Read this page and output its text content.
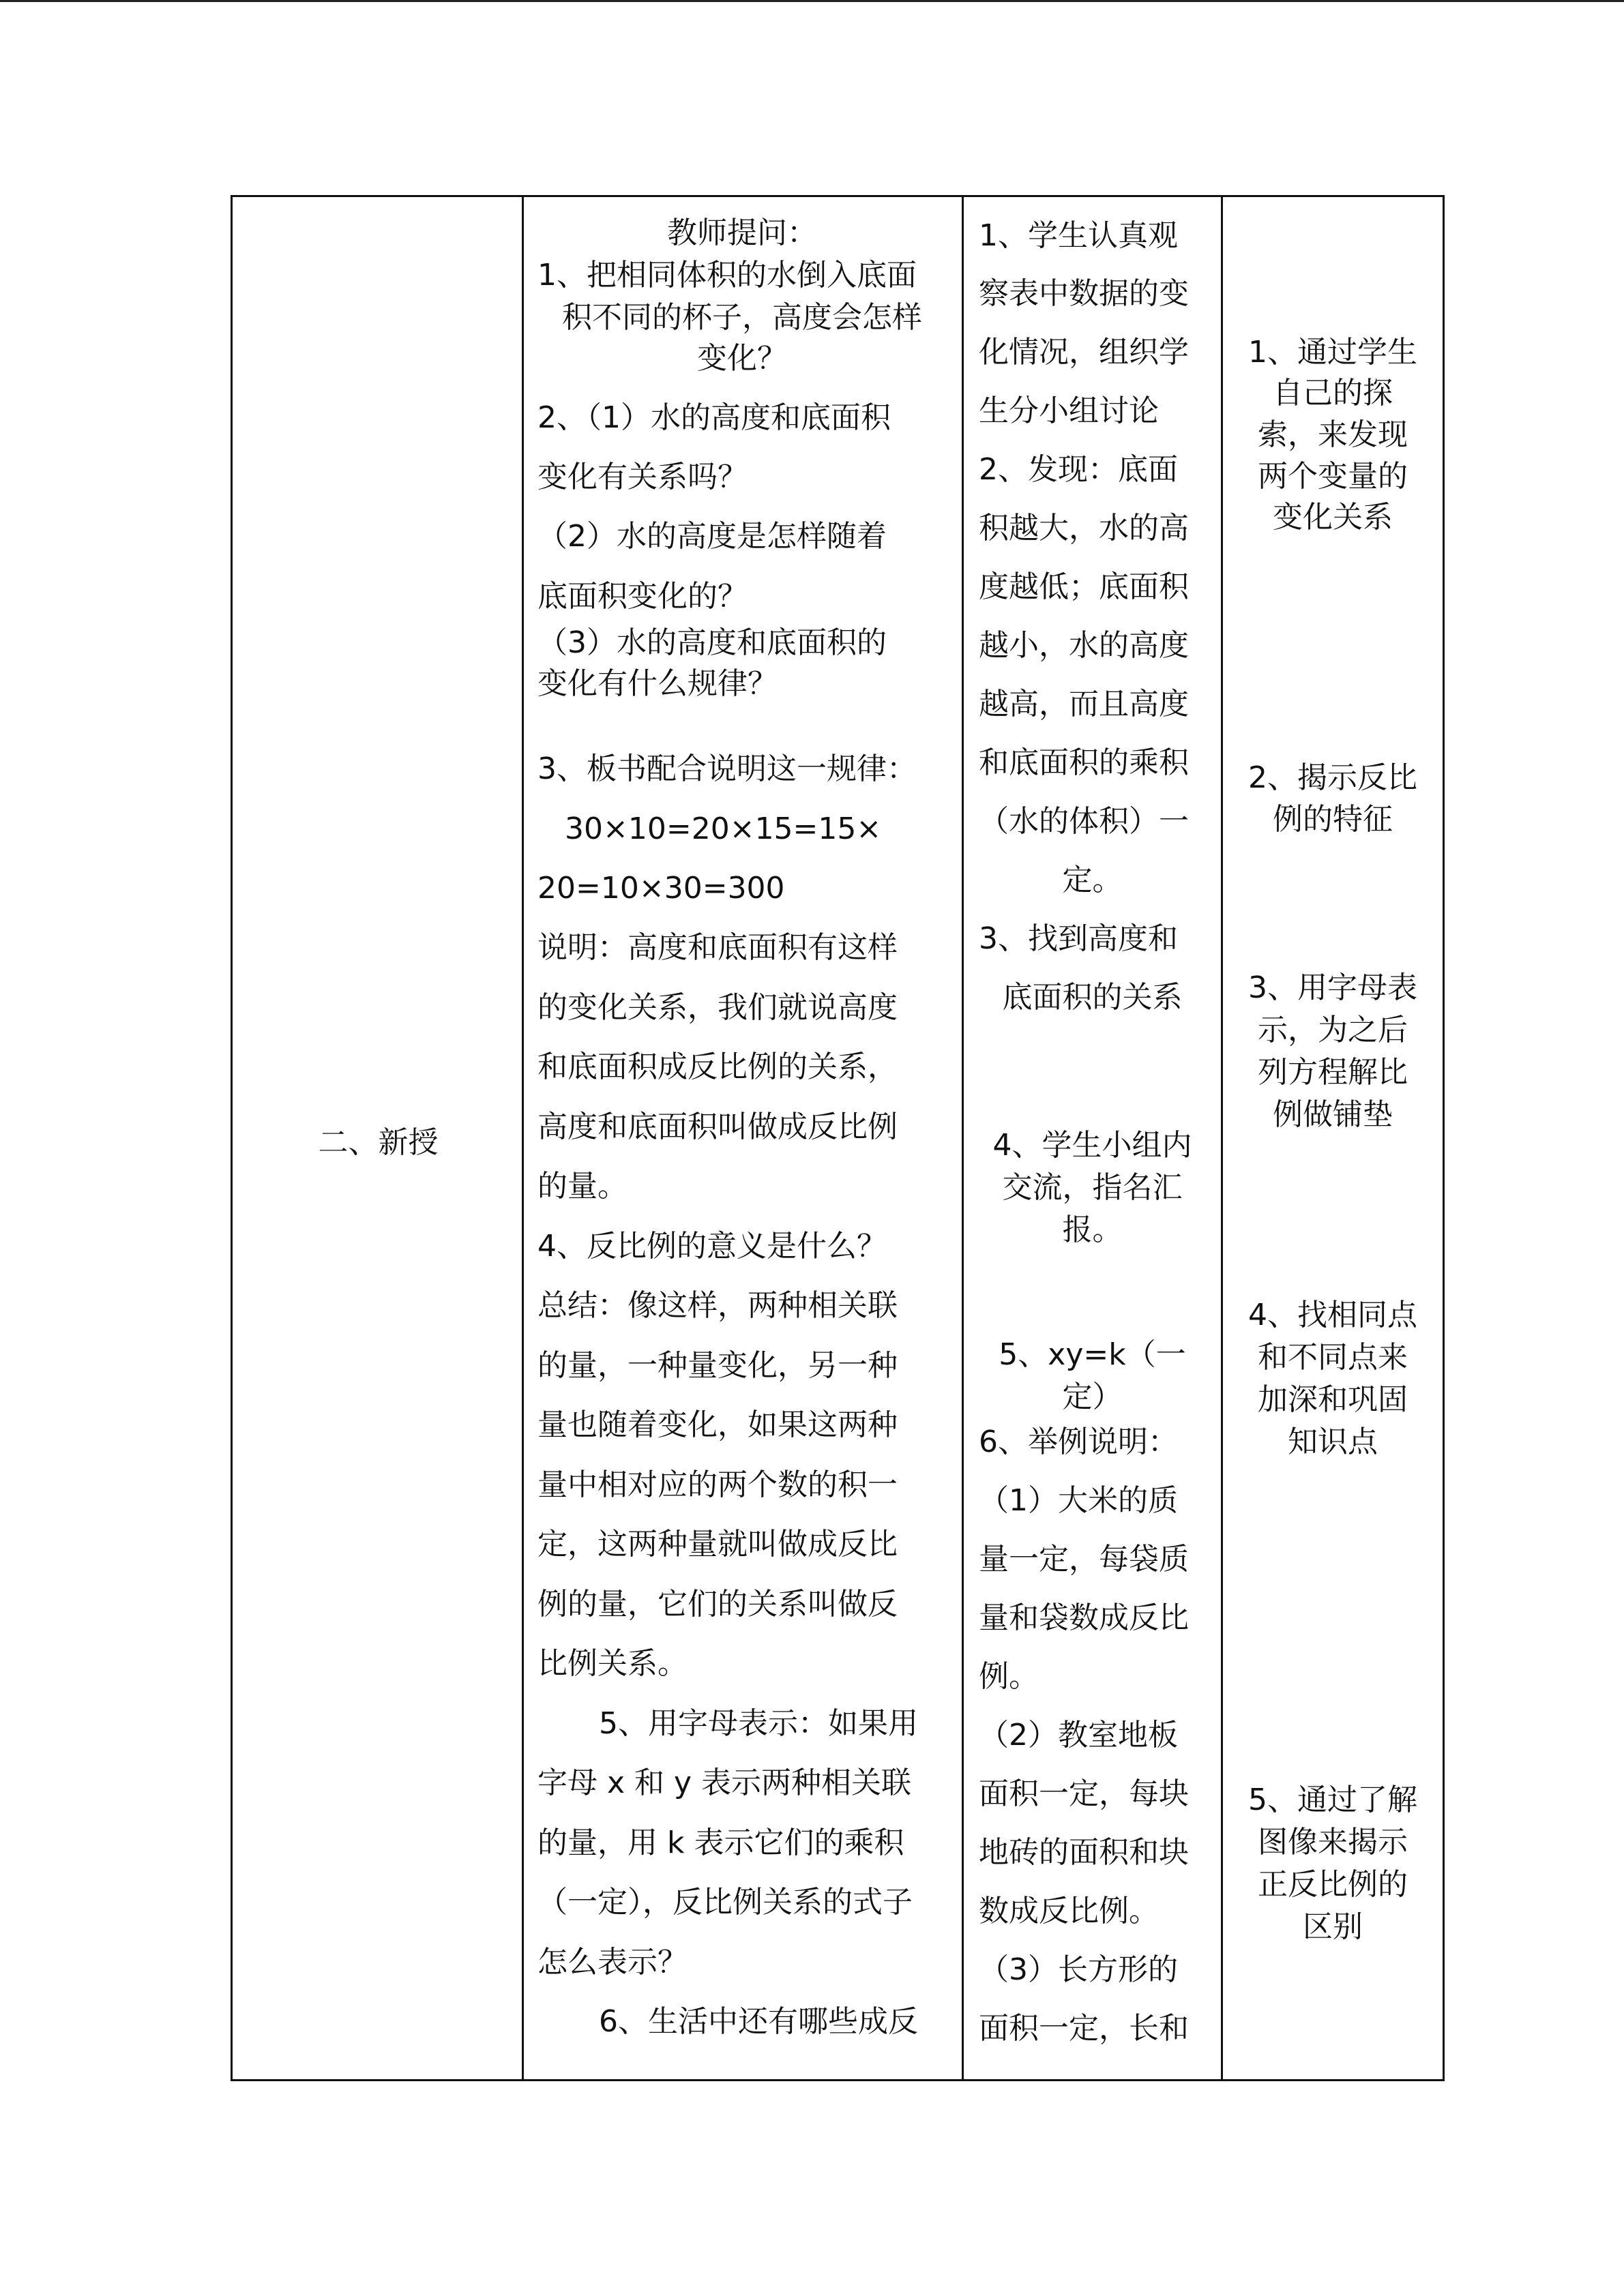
二、新授
教师提问：
1、把相同体积的水倒入底面
积不同的杯子，高度会怎样
变化？
2、（1）水的高度和底面积
变化有关系吗？
（2）水的高度是怎样随着
底面积变化的？
（3）水的高度和底面积的
变化有什么规律？
3、板书配合说明这一规律：
30×10=20×15=15×
20=10×30=300
说明：高度和底面积有这样
的变化关系，我们就说高度
和底面积成反比例的关系，
高度和底面积叫做成反比例
的量。
4、反比例的意义是什么？
总结：像这样，两种相关联
的量，一种量变化，另一种
量也随着变化，如果这两种
量中相对应的两个数的积一
定，这两种量就叫做成反比
例的量，它们的关系叫做反
比例关系。
5、用字母表示：如果用
字母 x 和 y 表示两种相关联
的量，用 k 表示它们的乘积
（一定），反比例关系的式子
怎么表示？
6、生活中还有哪些成反
1、学生认真观
察表中数据的变
化情况，组织学
生分小组讨论
2、发现：底面
积越大，水的高
度越低；底面积
越小，水的高度
越高，而且高度
和底面积的乘积
（水的体积）一
定。
3、找到高度和
底面积的关系
4、学生小组内
交流，指名汇
报。
5、xy=k（一
定）
6、举例说明：
（1）大米的质
量一定，每袋质
量和袋数成反比
例。
（2）教室地板
面积一定，每块
地砖的面积和块
数成反比例。
（3）长方形的
面积一定，长和
1、通过学生
自己的探
索，来发现
两个变量的
变化关系
2、揭示反比
例的特征
3、用字母表
示，为之后
列方程解比
例做铺垫
4、找相同点
和不同点来
加深和巩固
知识点
5、通过了解
图像来揭示
正反比例的
区别
